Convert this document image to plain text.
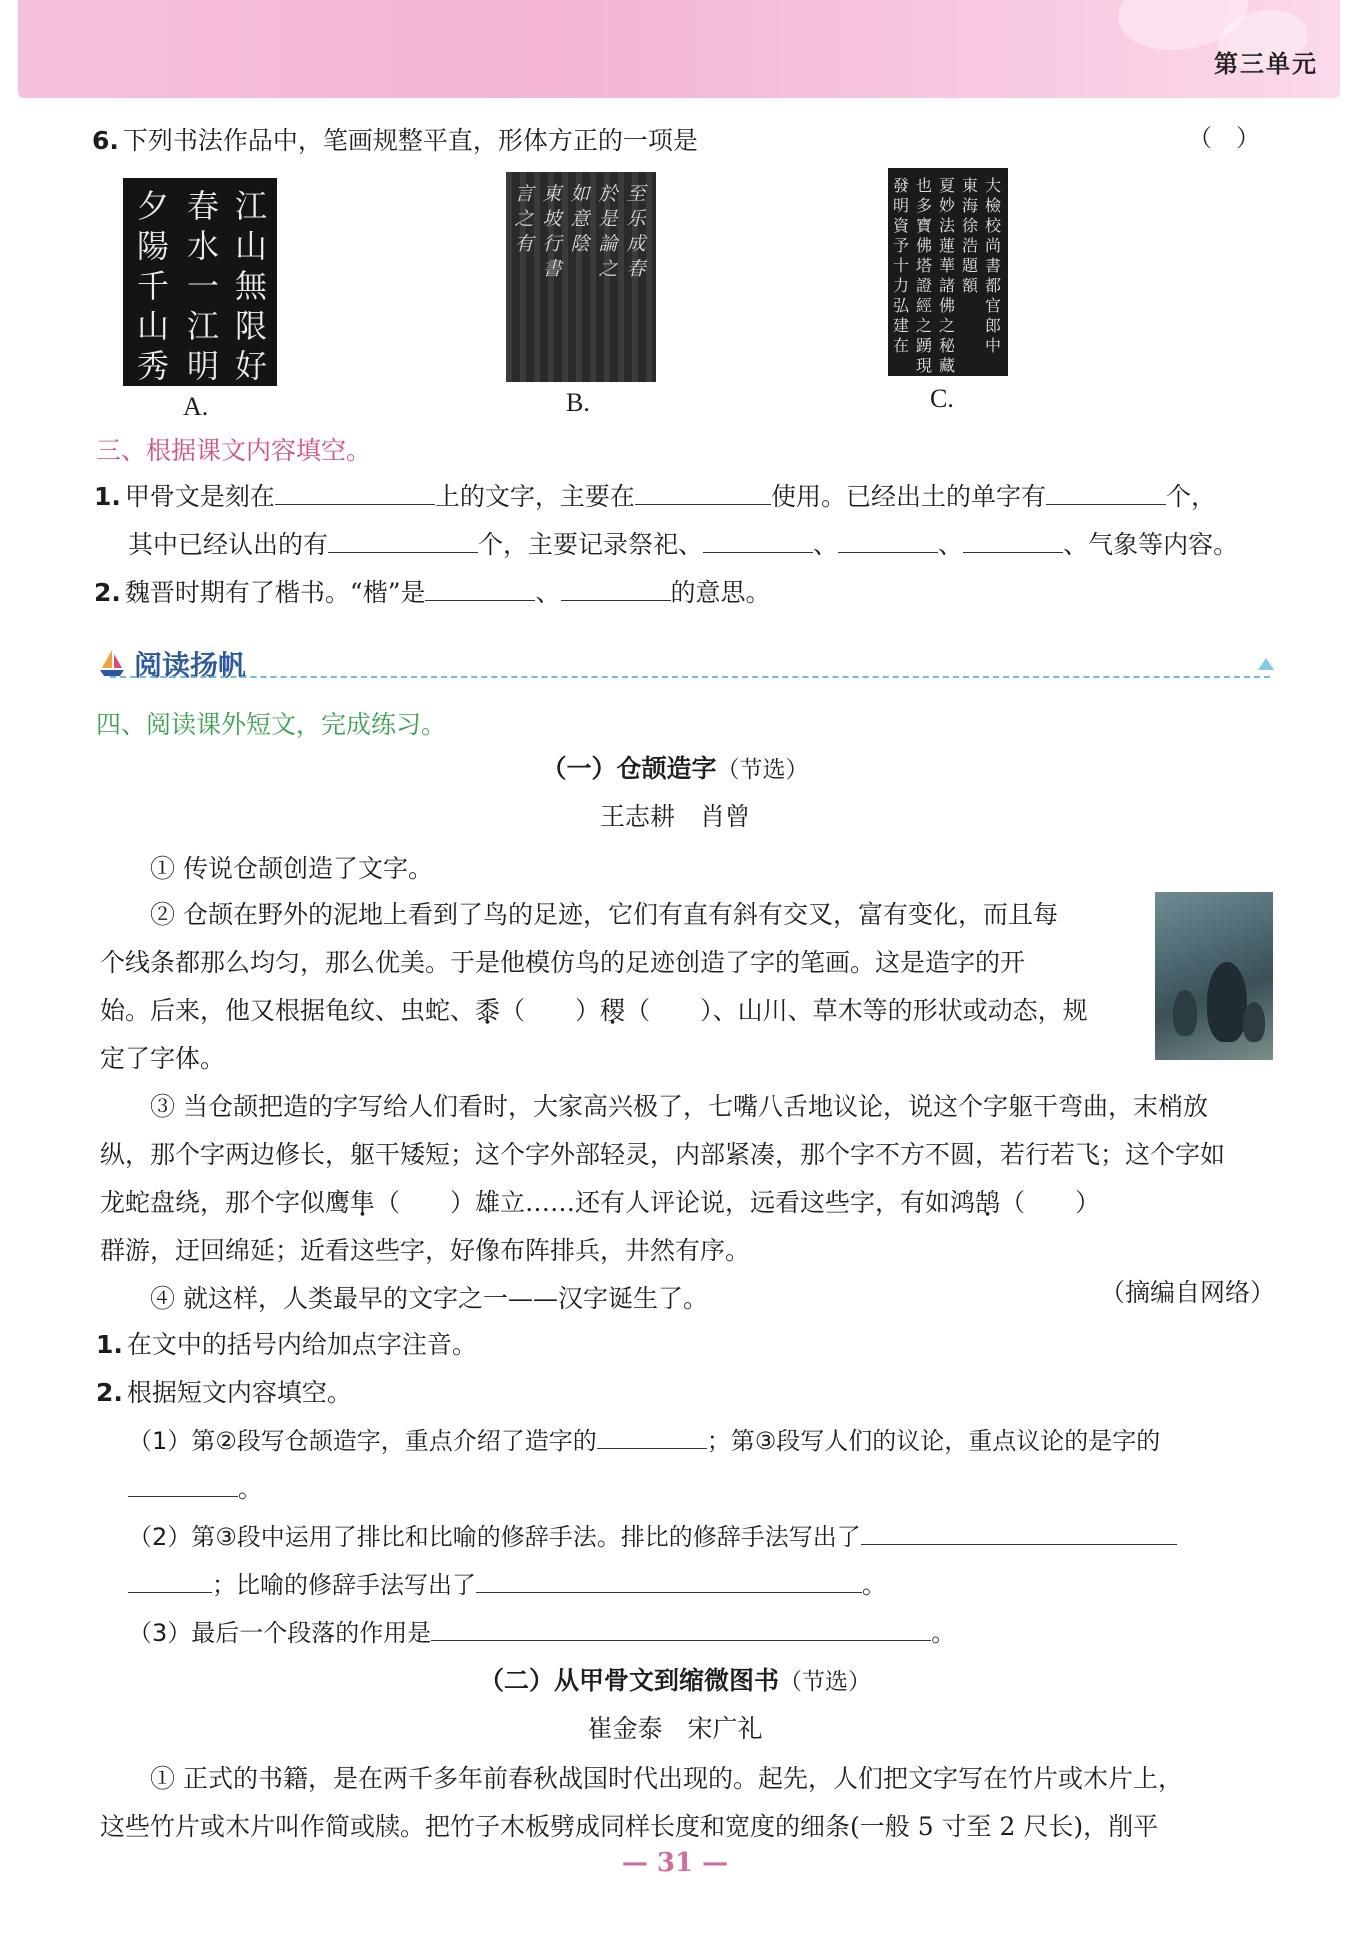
第三单元
6. 下列书法作品中，笔画规整平直，形体方正的一项是	（　）
江
山
無
限
好
春
水
一
江
明
夕
陽
千
山
秀
A.
至
乐
成
春
於
是
論
之
如
意
陰
東
坡
行
書
言
之
有
B.
大
檢
校
尚
書
都
官
郎
中
東
海
徐
浩
題
額
夏
妙
法
蓮
華
諸
佛
之
秘
藏
也
多
寶
佛
塔
證
經
之
踴
現
發
明
資
予
十
力
弘
建
在
C.
三、根据课文内容填空。
1. 甲骨文是刻在	上的文字，主要在	使用。已经出土的单字有	个，
其中已经认出的有	个，主要记录祭祀、	、	、	、气象等内容。
2. 魏晋时期有了楷书。“楷”是	、	的意思。
阅读扬帆
四、阅读课外短文，完成练习。
（一）仓颉造字（节选）
王志耕　肖曾
① 传说仓颉创造了文字。
② 仓颉在野外的泥地上看到了鸟的足迹，它们有直有斜有交叉，富有变化，而且每
个线条都那么均匀，那么优美。于是他模仿鸟的足迹创造了字的笔画。这是造字的开
始。后来，他又根据龟纹、虫蛇、黍（　　）稷（　　）、山川、草木等的形状或动态，规
定了字体。
③ 当仓颉把造的字写给人们看时，大家高兴极了，七嘴八舌地议论，说这个字躯干弯曲，末梢放
纵，那个字两边修长，躯干矮短；这个字外部轻灵，内部紧凑，那个字不方不圆，若行若飞；这个字如
龙蛇盘绕，那个字似鹰隼（　　）雄立……还有人评论说，远看这些字，有如鸿鹄（　　）
群游，迂回绵延；近看这些字，好像布阵排兵，井然有序。
④ 就这样，人类最早的文字之一——汉字诞生了。	（摘编自网络）
1. 在文中的括号内给加点字注音。
2. 根据短文内容填空。
（1）第②段写仓颉造字，重点介绍了造字的	；第③段写人们的议论，重点议论的是字的
。
（2）第③段中运用了排比和比喻的修辞手法。排比的修辞手法写出了
；比喻的修辞手法写出了	。
（3）最后一个段落的作用是	。
（二）从甲骨文到缩微图书（节选）
崔金泰　宋广礼
① 正式的书籍，是在两千多年前春秋战国时代出现的。起先，人们把文字写在竹片或木片上，
这些竹片或木片叫作简或牍。把竹子木板劈成同样长度和宽度的细条(一般 5 寸至 2 尺长)，削平
— 31 —
